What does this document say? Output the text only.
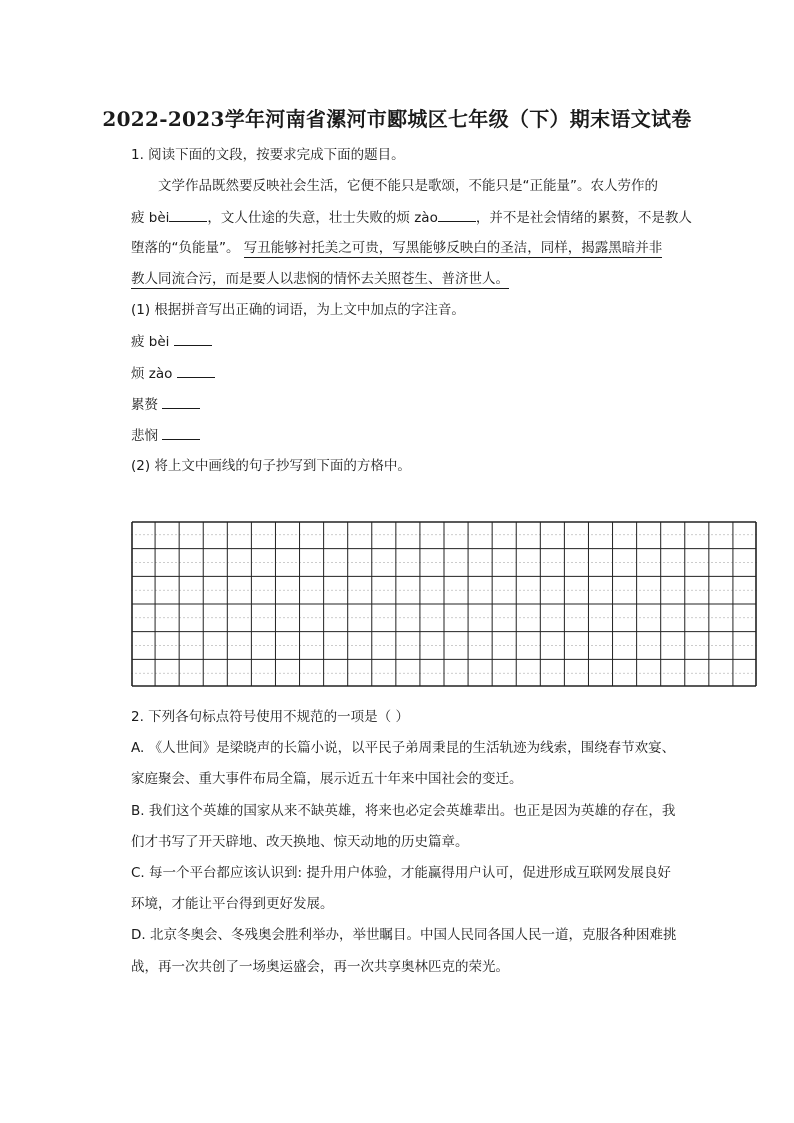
2022-2023学年河南省漯河市郾城区七年级（下）期末语文试卷
1. 阅读下面的文段，按要求完成下面的题目。
文学作品既然要反映社会生活，它便不能只是歌颂，不能只是“正能量”。农人劳作的
疲 bèi	，文人仕途的失意，壮士失败的烦 zào	，并不是社会情绪的累赘，不是教人
堕落的“负能量”。 写丑能够衬托美之可贵，写黑能够反映白的圣洁，同样，揭露黑暗并非
教人同流合污，而是要人以悲悯的情怀去关照苍生、普济世人。
(1) 根据拼音写出正确的词语，为上文中加点的字注音。
疲 bèi
烦 zào
累赘
悲悯
(2) 将上文中画线的句子抄写到下面的方格中。
2. 下列各句标点符号使用不规范的一项是（ ）
A. 《人世间》是梁晓声的长篇小说，以平民子弟周秉昆的生活轨迹为线索，围绕春节欢宴、
家庭聚会、重大事件布局全篇，展示近五十年来中国社会的变迁。
B. 我们这个英雄的国家从来不缺英雄，将来也必定会英雄辈出。也正是因为英雄的存在，我
们才书写了开天辟地、改天换地、惊天动地的历史篇章。
C. 每一个平台都应该认识到: 提升用户体验，才能赢得用户认可，促进形成互联网发展良好
环境，才能让平台得到更好发展。
D. 北京冬奥会、冬残奥会胜利举办，举世瞩目。中国人民同各国人民一道，克服各种困难挑
战，再一次共创了一场奥运盛会，再一次共享奥林匹克的荣光。
